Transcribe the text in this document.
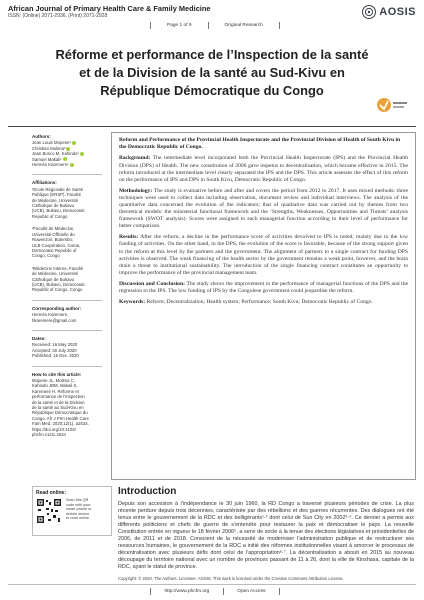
African Journal of Primary Health Care & Family Medicine
ISSN: (Online) 2071-2936, (Print) 2071-2928	AOSIS
Page 1 of 9	Original Research
Réforme et performance de l’Inspection de la santé
et de la Division de la santé au Sud-Kivu en
République Démocratique du Congo
Authors:
Jean Louis Mopene¹
Christian Molima²
Jean Bosco M. Kahindo¹
Samuel Makali¹
Hermès Karemere¹
Affiliations:
¹École Régionale de Santé
Publique (ERSP), Faculté
de Médecine, Université
Catholique de Bukavu
(UCB), Bukavu, Democratic
Republic of Congo
²Faculté de Médecine,
Université Officielle du
Ruwenzori, Butembo;
ULB Coopération, Goma,
Democratic Republic of
Congo, Congo
³Médecine Interne, Faculté
de Médecine, Université
Catholique de Bukavu
(UCB), Bukavu, Democratic
Republic of Congo, Congo
Corresponding author:
Hermès Karemere,
hkaremere@gmail.com
Dates:
Received: 16 May 2020
Accepted: 30 July 2020
Published: 15 Dec. 2020
How to cite this article:
Mopene JL, Molima C,
Kahindo JBM, Makali S,
Karemere H. Réforme et
performance de l’Inspection
de la santé et de la Division
de la santé au Sud-Kivu en
République Démocratique du
Congo. Afr J Prm Health Care
Fam Med. 2020;12(1), a2534.
https://doi.org/10.4102/
phcfm.v12i1.2534
Reform and Performance of the Provincial Health Inspectorate and the Provincial Division of Health of South Kivu in the Democratic Republic of Congo.

Background: The intermediate level incorporated both the Provincial Health Inspectorate (IPS) and the Provincial Health Division (DPS) of Health. The new constitution of 2006 gave impetus to decentralisation, which became effective in 2015. The reform introduced at the intermediate level clearly separated the IPS and the DPS. This article assesses the effect of this reform on the performance of IPS and DPS in South Kivu, Democratic Republic of Congo.

Methodology: The study is evaluative before and after and covers the period from 2012 to 2017. It uses mixed methods: three techniques were used to collect data including observation, document review and individual interviews. The analysis of the quantitative data concerned the evolution of the indicators; that of qualitative data was carried out by themes from two theoretical models: the ministerial functional framework and the ‘Strengths, Weaknesses, Opportunities and Threats’ analysis framework (SWOT analysis). Scores were assigned to each managerial function according to their level of performance for better comparison.

Results: After the reform, a decline in the performance score of activities devolved to IPS is noted, mainly due to the low funding of activities. On the other hand, in the DPS, the evolution of the score is favorable, because of the strong support given to the reform at this level by the partners and the government. The alignment of partners to a single contract for funding DPS activities is observed. The weak financing of the health sector by the government remains a weak point, however, and the brain drain a threat to institutional sustainability. The introduction of the single financing contract constitutes an opportunity to improve the performance of the provincial management team.

Discussion and Conclusion: The study shows the improvement in the performance of managerial functions of the DPS and the regression to the IPS. The low funding of IPS by the Congolese government could jeopardise the reform.

Keywords: Reform; Decentralization; Health system; Performance; South Kivu; Democratic Republic of Congo.

Read online:
Scan this QR
code with your
smart phone or
mobile device
to read online.
Introduction
Depuis son accession à l’indépendance le 30 juin 1960, la RD Congo a traversé plusieurs périodes de crise. La plus récente perdure depuis trois décennies, caractérisée par des rébellions et des guerres récurrentes. Des dialogues ont été tenus entre le gouvernement de la RDC et des belligérants¹·² dont celui de Sun City en 2002³·⁴. Ce dernier a permis aux différents politiciens et chefs de guerre de s’entendre pour restaurer la paix et démocratiser le pays. La nouvelle Constitution entrée en vigueur le 18 février 2006⁵, a servi de socle à la tenue des élections législatives et présidentielles de 2006, de 2011 et de 2018. Conscient de la nécessité de moderniser l’administration publique et de restructurer ses ressources humaines, le gouvernement de la RDC a initié des réformes institutionnelles visant à amorcer le processus de décentralisation avec plusieurs défis dont celui de l’appropriation⁶·⁷. La décentralisation a abouti en 2015 au nouveau découpage du territoire national avec un nombre de provinces passant de 11 à 26, dont la ville de Kinshasa, capitale de la RDC, ayant le statut de province.
Copyright: © 2020. The Authors. Licensee: AOSIS. This work is licensed under the Creative Commons Attribution License.
http://www.phcfm.org	Open Access
